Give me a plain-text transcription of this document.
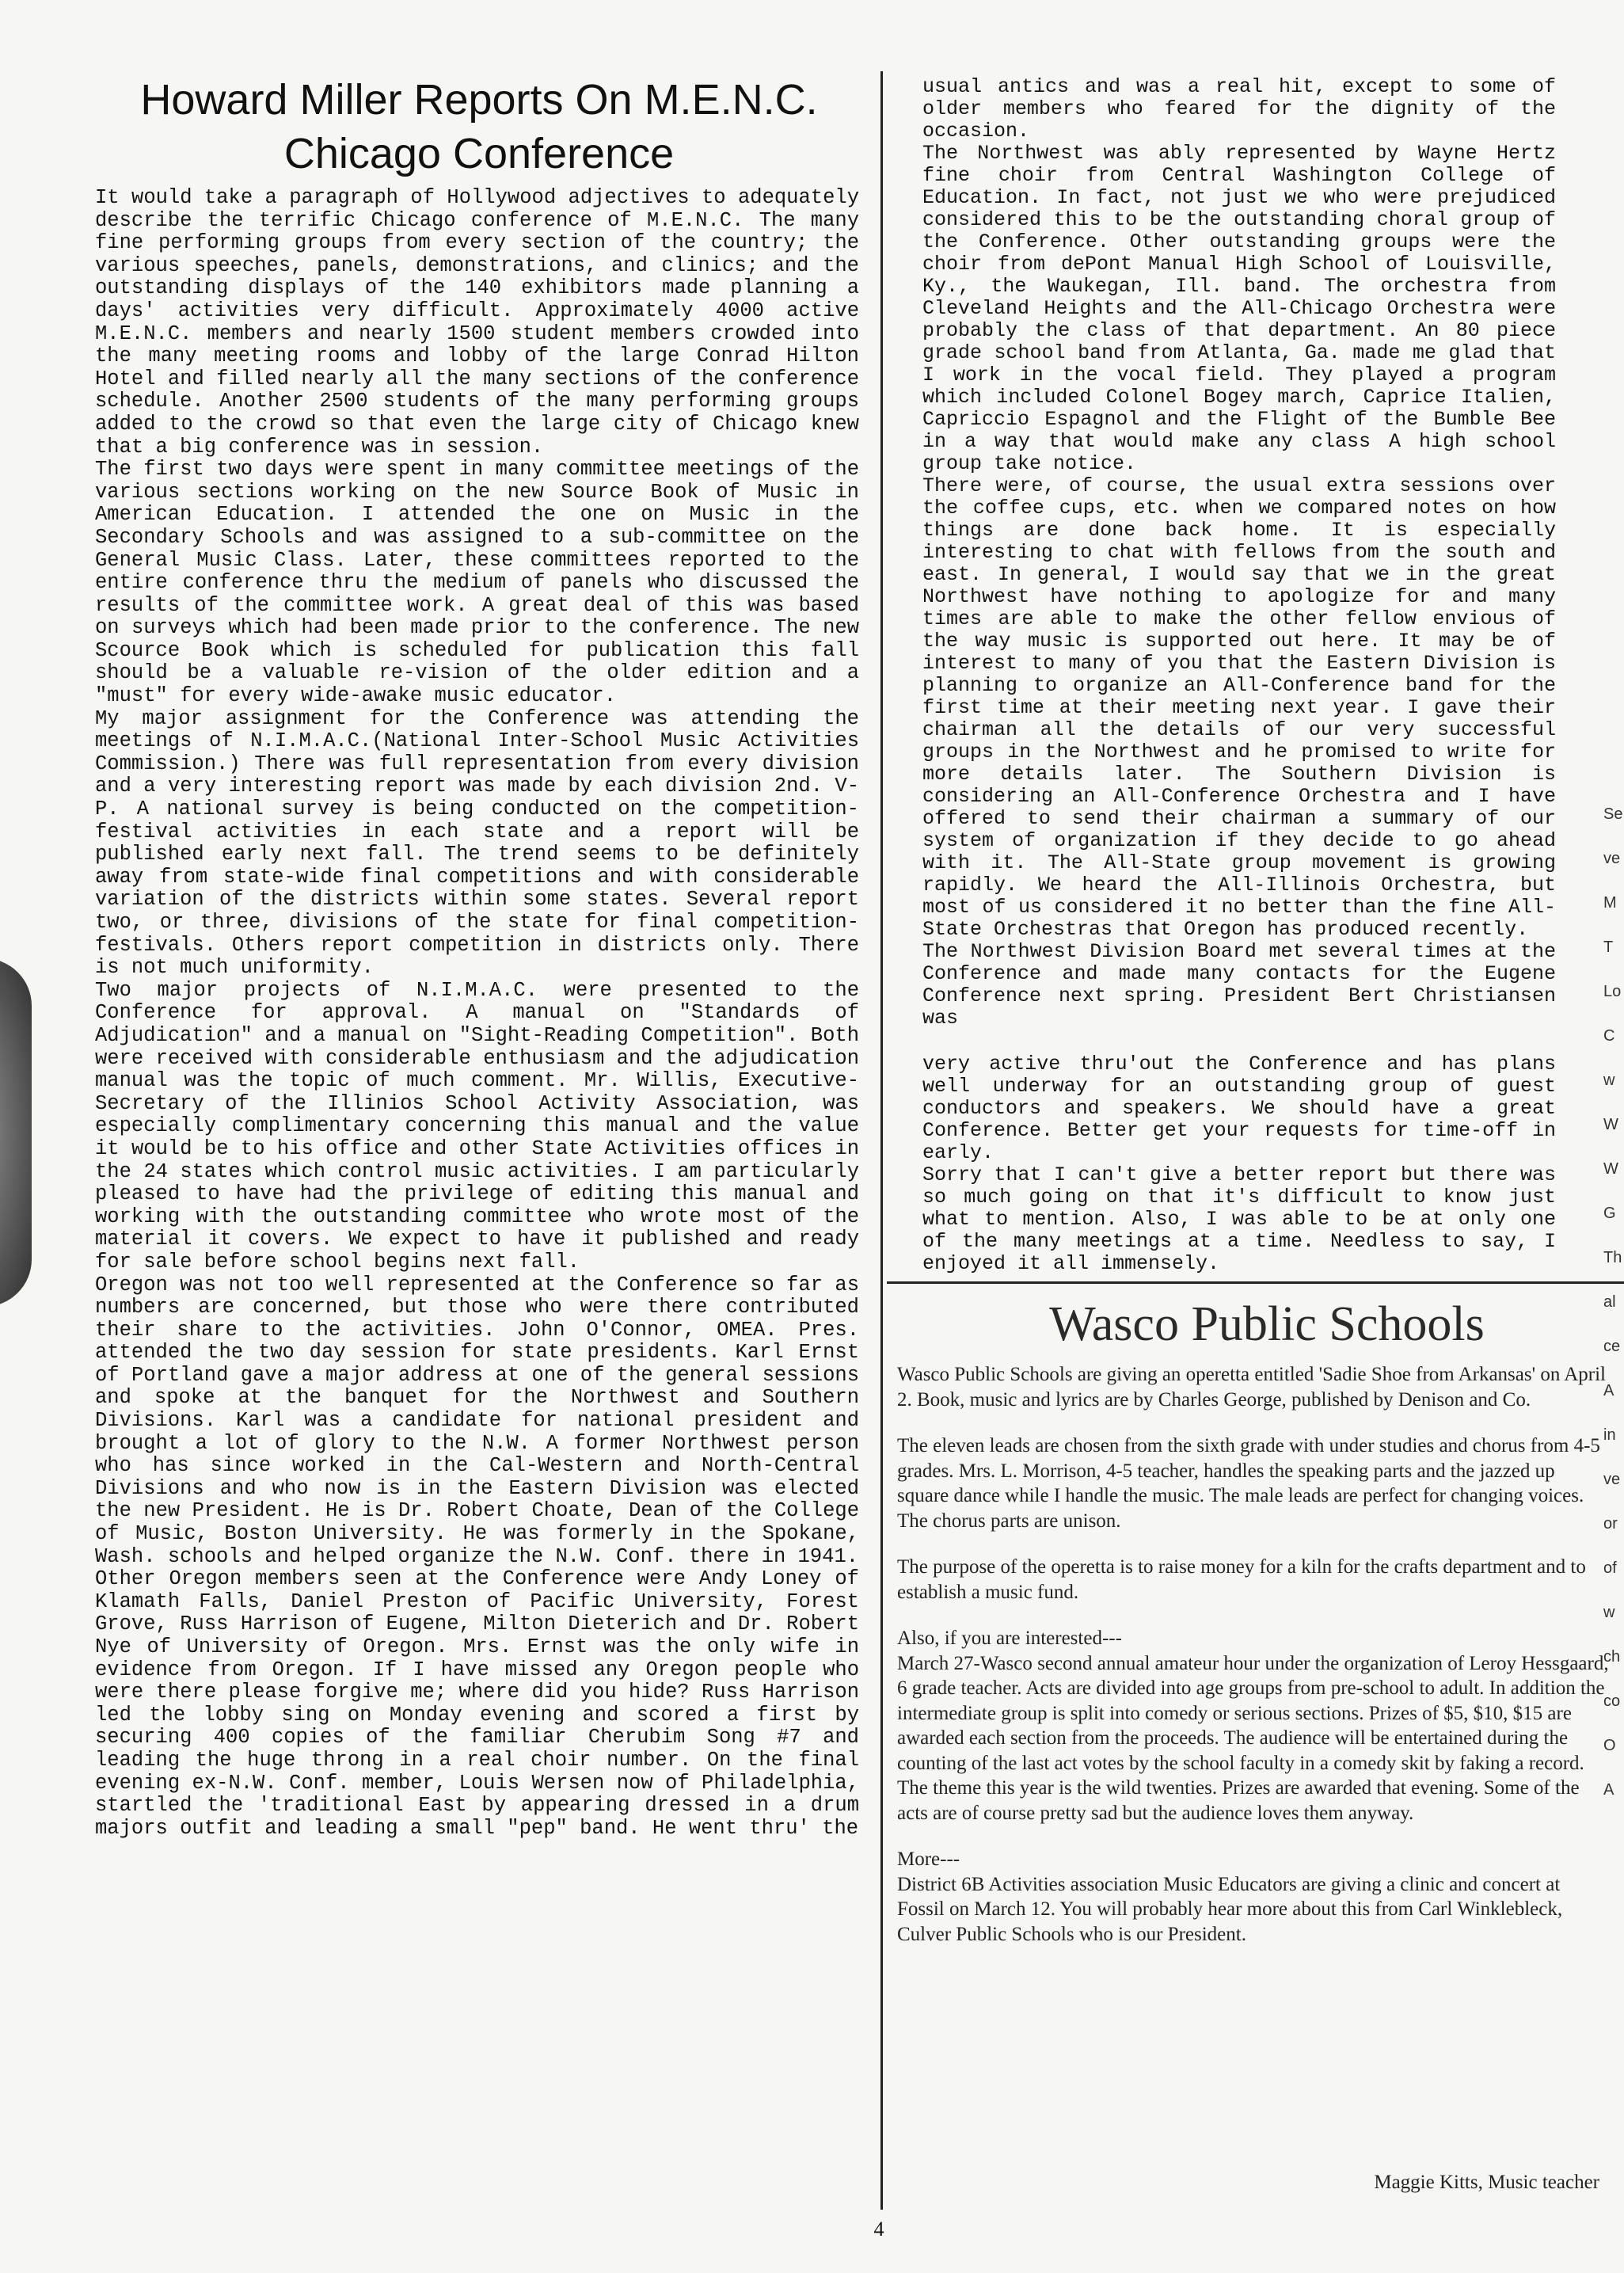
Howard Miller Reports On M.E.N.C.
Chicago Conference

It would take a paragraph of Hollywood adjectives to adequately describe the terrific Chicago conference of M.E.N.C. The many fine performing groups from every section of the country; the various speeches, panels, demonstrations, and clinics; and the outstanding displays of the 140 exhibitors made planning a days' activities very difficult. Approximately 4000 active M.E.N.C. members and nearly 1500 student members crowded into the many meeting rooms and lobby of the large Conrad Hilton Hotel and filled nearly all the many sections of the conference schedule. Another 2500 students of the many performing groups added to the crowd so that even the large city of Chicago knew that a big conference was in session.

The first two days were spent in many committee meetings of the various sections working on the new Source Book of Music in American Education. I attended the one on Music in the Secondary Schools and was assigned to a sub-committee on the General Music Class. Later, these committees reported to the entire conference thru the medium of panels who discussed the results of the committee work. A great deal of this was based on surveys which had been made prior to the conference. The new Scource Book which is scheduled for publication this fall should be a valuable re-vision of the older edition and a "must" for every wide-awake music educator.

My major assignment for the Conference was attending the meetings of N.I.M.A.C.(National Inter-School Music Activities Commission.) There was full representation from every division and a very interesting report was made by each division 2nd. V-P. A national survey is being conducted on the competition-festival activities in each state and a report will be published early next fall. The trend seems to be definitely away from state-wide final competitions and with considerable variation of the districts within some states. Several report two, or three, divisions of the state for final competition-festivals. Others report competition in districts only. There is not much uniformity.

Two major projects of N.I.M.A.C. were presented to the Conference for approval. A manual on "Standards of Adjudication" and a manual on "Sight-Reading Competition". Both were received with considerable enthusiasm and the adjudication manual was the topic of much comment. Mr. Willis, Executive-Secretary of the Illinios School Activity Association, was especially complimentary concerning this manual and the value it would be to his office and other State Activities offices in the 24 states which control music activities. I am particularly pleased to have had the privilege of editing this manual and working with the outstanding committee who wrote most of the material it covers. We expect to have it published and ready for sale before school begins next fall.

Oregon was not too well represented at the Conference so far as numbers are concerned, but those who were there contributed their share to the activities. John O'Connor, OMEA. Pres. attended the two day session for state presidents. Karl Ernst of Portland gave a major address at one of the general sessions and spoke at the banquet for the Northwest and Southern Divisions. Karl was a candidate for national president and brought a lot of glory to the N.W. A former Northwest person who has since worked in the Cal-Western and North-Central Divisions and who now is in the Eastern Division was elected the new President. He is Dr. Robert Choate, Dean of the College of Music, Boston University. He was formerly in the Spokane, Wash. schools and helped organize the N.W. Conf. there in 1941.

Other Oregon members seen at the Conference were Andy Loney of Klamath Falls, Daniel Preston of Pacific University, Forest Grove, Russ Harrison of Eugene, Milton Dieterich and Dr. Robert Nye of University of Oregon. Mrs. Ernst was the only wife in evidence from Oregon. If I have missed any Oregon people who were there please forgive me; where did you hide? Russ Harrison led the lobby sing on Monday evening and scored a first by securing 400 copies of the familiar Cherubim Song #7 and leading the huge throng in a real choir number. On the final evening ex-N.W. Conf. member, Louis Wersen now of Philadelphia, startled the 'traditional East by appearing dressed in a drum majors outfit and leading a small "pep" band. He went thru' the

usual antics and was a real hit, except to some of older members who feared for the dignity of the occasion.

The Northwest was ably represented by Wayne Hertz fine choir from Central Washington College of Education. In fact, not just we who were prejudiced considered this to be the outstanding choral group of the Conference. Other outstanding groups were the choir from dePont Manual High School of Louisville, Ky., the Waukegan, Ill. band. The orchestra from Cleveland Heights and the All-Chicago Orchestra were probably the class of that department. An 80 piece grade school band from Atlanta, Ga. made me glad that I work in the vocal field. They played a program which included Colonel Bogey march, Caprice Italien, Capriccio Espagnol and the Flight of the Bumble Bee in a way that would make any class A high school group take notice.

There were, of course, the usual extra sessions over the coffee cups, etc. when we compared notes on how things are done back home. It is especially interesting to chat with fellows from the south and east. In general, I would say that we in the great Northwest have nothing to apologize for and many times are able to make the other fellow envious of the way music is supported out here. It may be of interest to many of you that the Eastern Division is planning to organize an All-Conference band for the first time at their meeting next year. I gave their chairman all the details of our very successful groups in the Northwest and he promised to write for more details later. The Southern Division is considering an All-Conference Orchestra and I have offered to send their chairman a summary of our system of organization if they decide to go ahead with it. The All-State group movement is growing rapidly. We heard the All-Illinois Orchestra, but most of us considered it no better than the fine All-State Orchestras that Oregon has produced recently.

The Northwest Division Board met several times at the Conference and made many contacts for the Eugene Conference next spring. President Bert Christiansen was

very active thru'out the Conference and has plans well underway for an outstanding group of guest conductors and speakers. We should have a great Conference. Better get your requests for time-off in early.

Sorry that I can't give a better report but there was so much going on that it's difficult to know just what to mention. Also, I was able to be at only one of the many meetings at a time. Needless to say, I enjoyed it all immensely.

Wasco Public Schools

Wasco Public Schools are giving an operetta entitled 'Sadie Shoe from Arkansas' on April 2. Book, music and lyrics are by Charles George, published by Denison and Co.

The eleven leads are chosen from the sixth grade with under studies and chorus from 4-5 grades. Mrs. L. Morrison, 4-5 teacher, handles the speaking parts and the jazzed up square dance while I handle the music. The male leads are perfect for changing voices. The chorus parts are unison.

The purpose of the operetta is to raise money for a kiln for the crafts department and to establish a music fund.

Also, if you are interested---

March 27-Wasco second annual amateur hour under the organization of Leroy Hessgaard, 6 grade teacher. Acts are divided into age groups from pre-school to adult. In addition the intermediate group is split into comedy or serious sections. Prizes of $5, $10, $15 are awarded each section from the proceeds. The audience will be entertained during the counting of the last act votes by the school faculty in a comedy skit by faking a record. The theme this year is the wild twenties. Prizes are awarded that evening. Some of the acts are of course pretty sad but the audience loves them anyway.

More---

District 6B Activities association Music Educators are giving a clinic and concert at Fossil on March 12. You will probably hear more about this from Carl Winklebleck, Culver Public Schools who is our President.

Maggie Kitts, Music teacher
4
Se
ve
M
T
Lo
C
w
W
W
G
Th
al
ce
A
in
ve
or
of
w
ch
co
O
A
